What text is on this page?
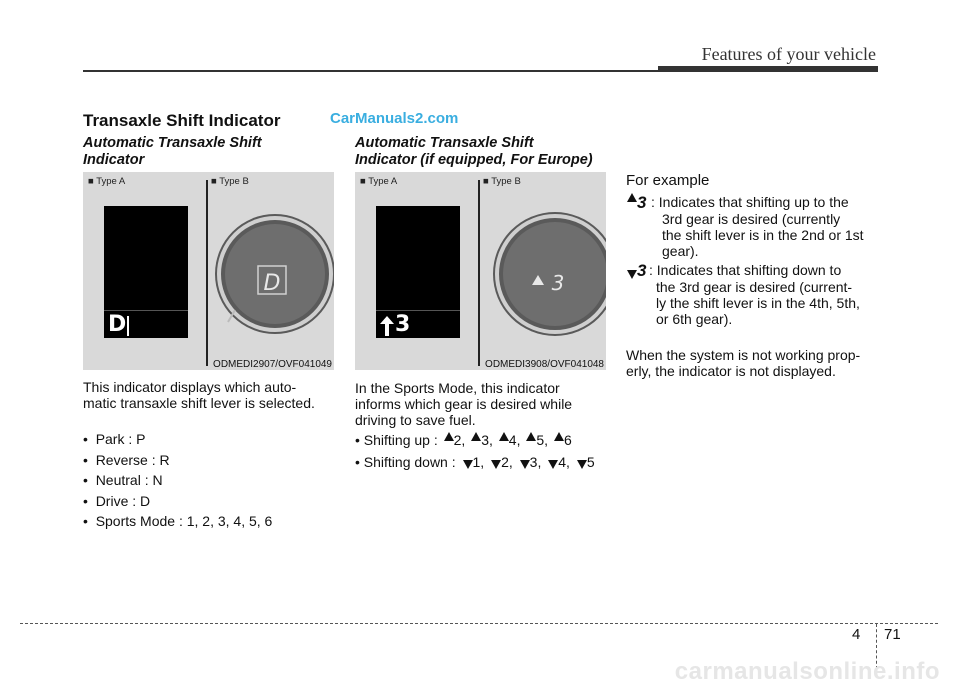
Features of your vehicle
CarManuals2.com
Transaxle Shift Indicator
Automatic Transaxle Shift
Indicator
■ Type A
D
■ Type B
D
ODMEDI2907/OVF041049
This indicator displays which auto-
matic transaxle shift lever is selected.
•  Park : P
•  Reverse : R
•  Neutral : N
•  Drive : D
•  Sports Mode : 1, 2, 3, 4, 5, 6
Automatic Transaxle Shift
Indicator (if equipped, For Europe)
■ Type A
3
■ Type B
3
ODMEDI3908/OVF041048
In the Sports Mode, this indicator
informs which gear is desired while
driving to save fuel.
• Shifting up : 2, 3, 4, 5, 6
• Shifting down : 1, 2, 3, 4, 5
For example
3 : Indicates that shifting up to the
3rd gear is desired (currently
the shift lever is in the 2nd or 1st
gear).
3 : Indicates that shifting down to
the 3rd gear is desired (current-
ly the shift lever is in the 4th, 5th,
or 6th gear).
When the system is not working prop-
erly, the indicator is not displayed.
4 71
carmanualsonline.info
